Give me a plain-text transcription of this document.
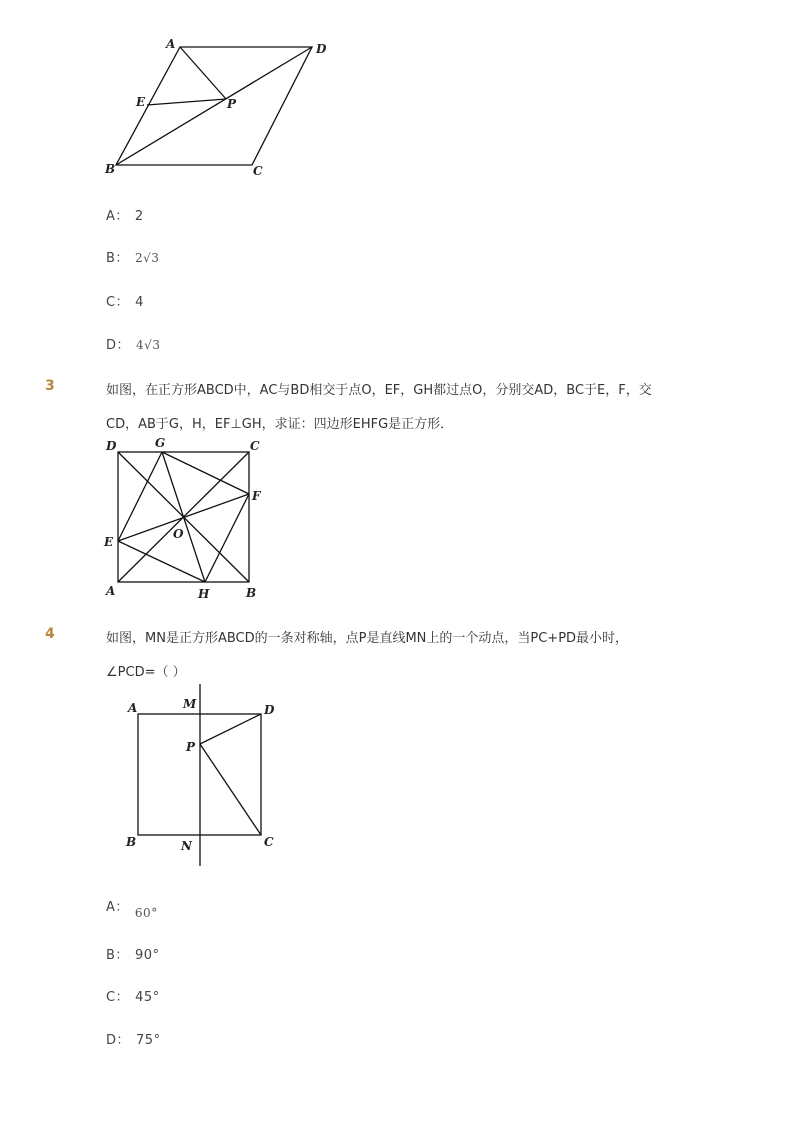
A	D
E	P
B	C
A： 2
B： 2√3
C： 4
D： 4√3
3	如图，在正方形ABCD中，AC与BD相交于点O，EF，GH都过点O，分别交AD，BC于E，F，交
CD，AB于G，H，EF⊥GH，求证：四边形EHFG是正方形．
D	G	C
F
O
E
A	H	B
4	如图，MN是正方形ABCD的一条对称轴，点P是直线MN上的一个动点，当PC+PD最小时，
∠PCD=（ ）
A	M	D
P
B	N	C
A： 60°
B： 90°
C： 45°
D： 75°
